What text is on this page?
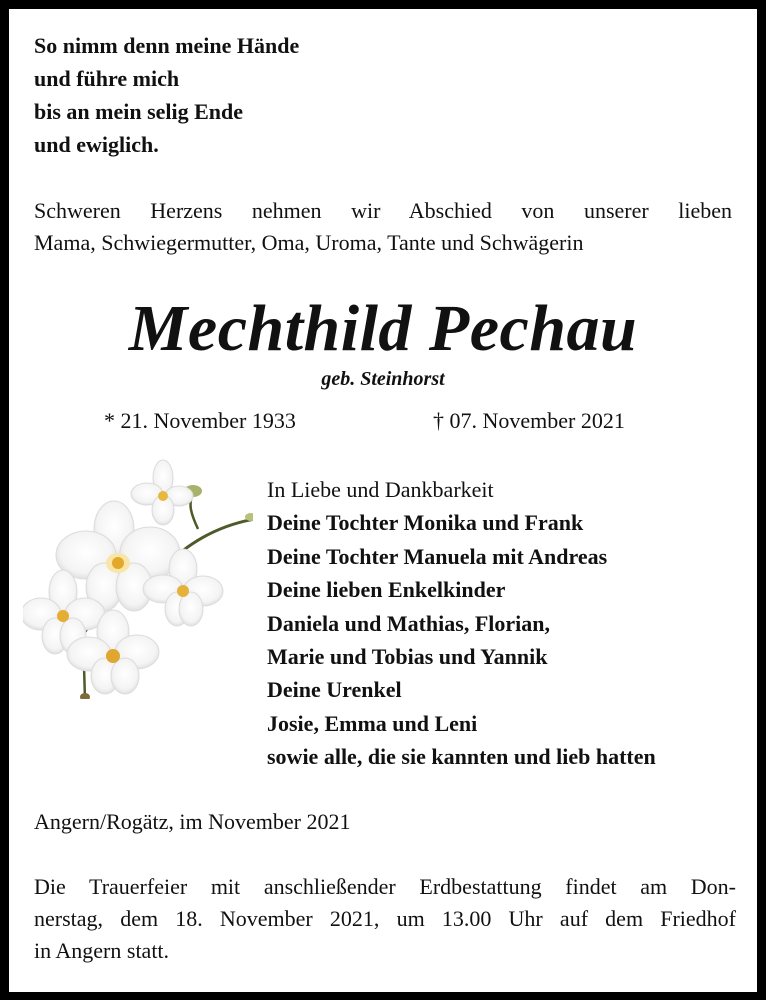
So nimm denn meine Hände
und führe mich
bis an mein selig Ende
und ewiglich.
Schweren Herzens nehmen wir Abschied von unserer lieben
Mama, Schwiegermutter, Oma, Uroma, Tante und Schwägerin
Mechthild Pechau
geb. Steinhorst
* 21. November 1933	† 07. November 2021
In Liebe und Dankbarkeit
Deine Tochter Monika und Frank
Deine Tochter Manuela mit Andreas
Deine lieben Enkelkinder
Daniela und Mathias, Florian,
Marie und Tobias und Yannik
Deine Urenkel
Josie, Emma und Leni
sowie alle, die sie kannten und lieb hatten
Angern/Rogätz, im November 2021
Die Trauerfeier mit anschließender Erdbestattung findet am Don-
nerstag, dem 18. November 2021, um 13.00 Uhr auf dem Friedhof
in Angern statt.
